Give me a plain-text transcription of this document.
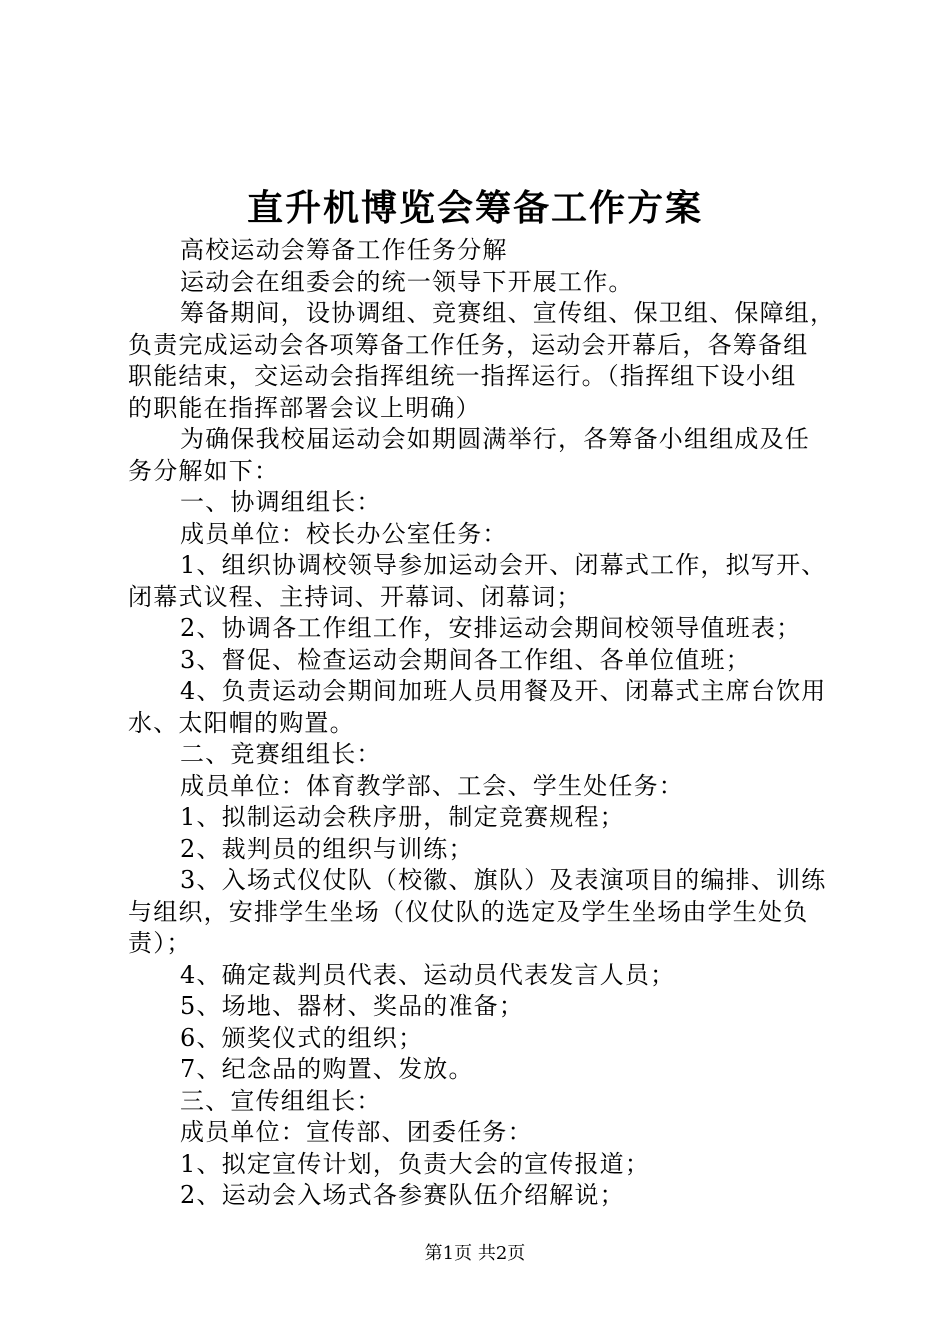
直升机博览会筹备工作方案
高校运动会筹备工作任务分解
运动会在组委会的统一领导下开展工作。
筹备期间，设协调组、竞赛组、宣传组、保卫组、保障组，
负责完成运动会各项筹备工作任务，运动会开幕后，各筹备组
职能结束，交运动会指挥组统一指挥运行。（指挥组下设小组
的职能在指挥部署会议上明确）
为确保我校届运动会如期圆满举行，各筹备小组组成及任
务分解如下：
一、协调组组长：
成员单位：校长办公室任务：
1、组织协调校领导参加运动会开、闭幕式工作，拟写开、
闭幕式议程、主持词、开幕词、闭幕词；
2、协调各工作组工作，安排运动会期间校领导值班表；
3、督促、检查运动会期间各工作组、各单位值班；
4、负责运动会期间加班人员用餐及开、闭幕式主席台饮用
水、太阳帽的购置。
二、竞赛组组长：
成员单位：体育教学部、工会、学生处任务：
1、拟制运动会秩序册，制定竞赛规程；
2、裁判员的组织与训练；
3、入场式仪仗队（校徽、旗队）及表演项目的编排、训练
与组织，安排学生坐场（仪仗队的选定及学生坐场由学生处负
责）；
4、确定裁判员代表、运动员代表发言人员；
5、场地、器材、奖品的准备；
6、颁奖仪式的组织；
7、纪念品的购置、发放。
三、宣传组组长：
成员单位：宣传部、团委任务：
1、拟定宣传计划，负责大会的宣传报道；
2、运动会入场式各参赛队伍介绍解说；
第1页 共2页
